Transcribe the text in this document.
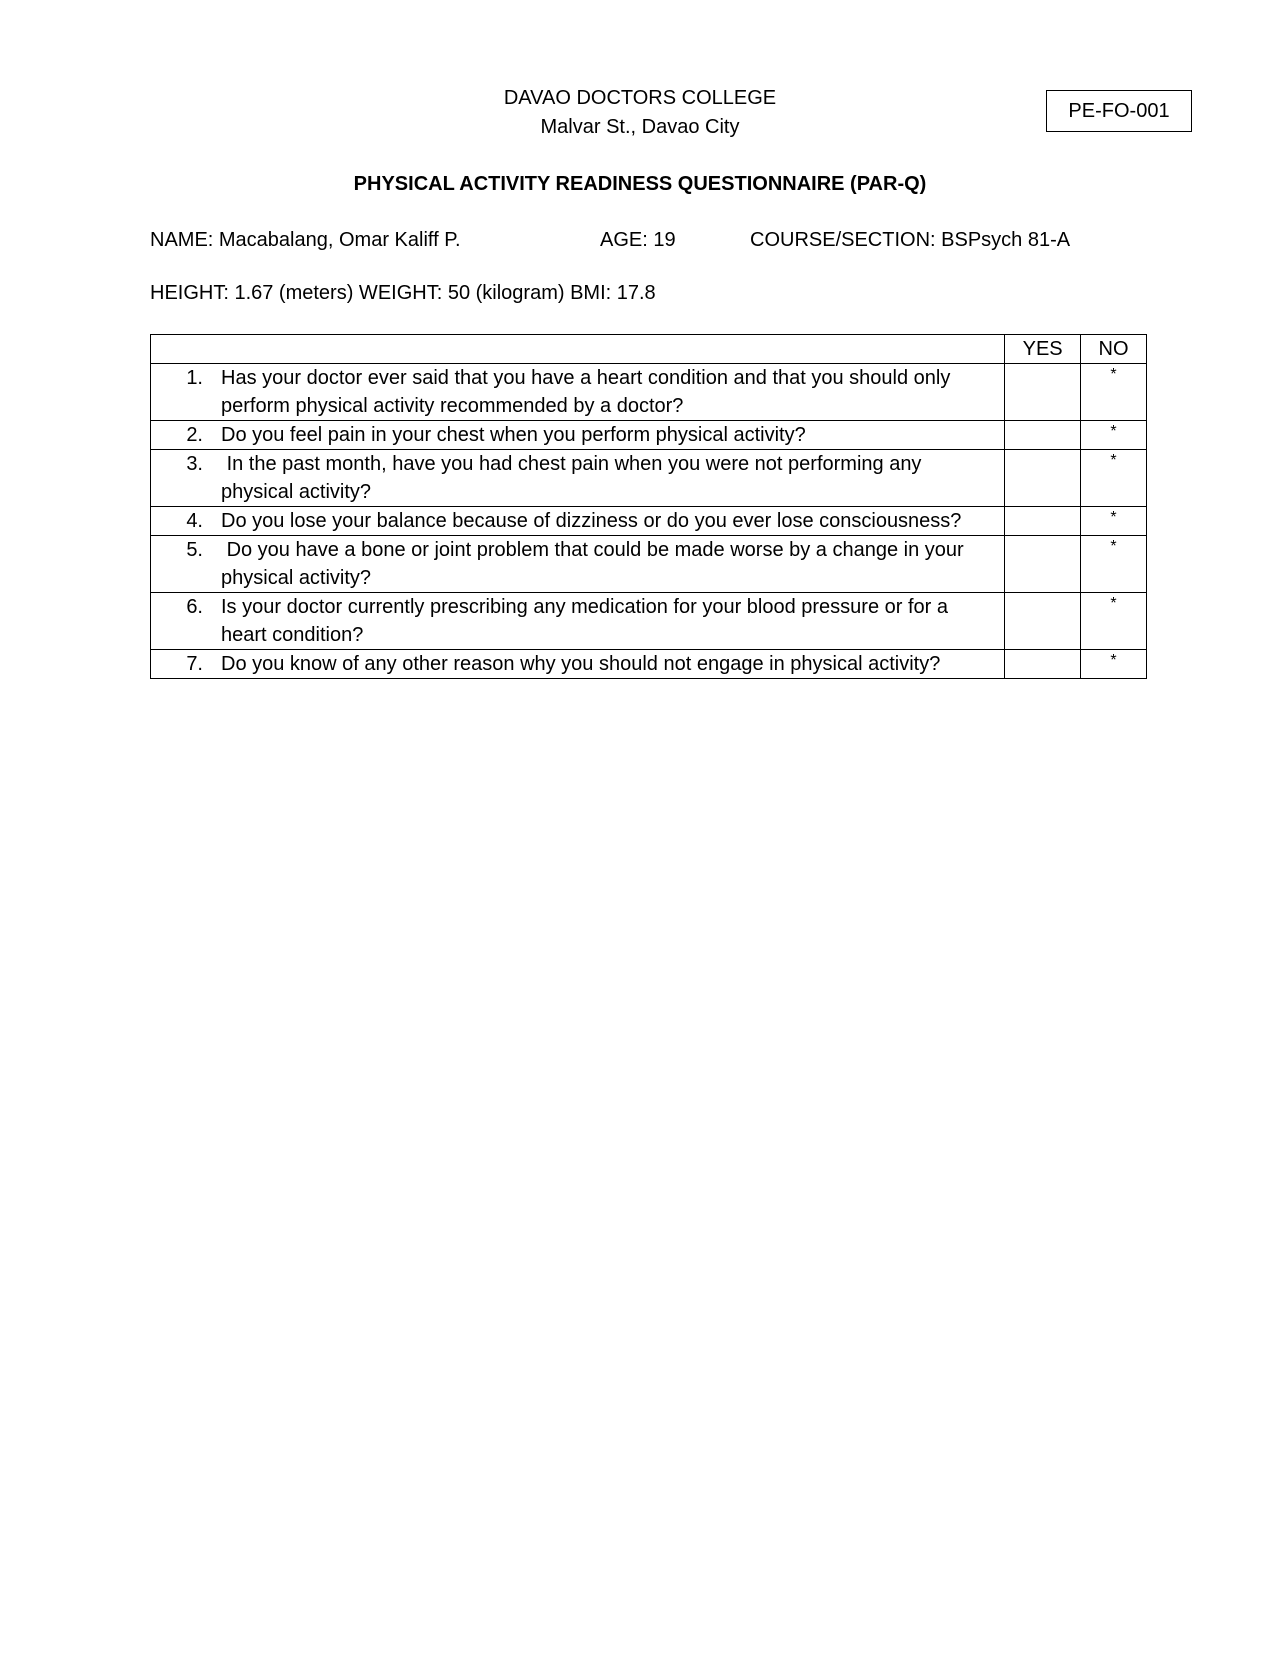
DAVAO DOCTORS COLLEGE
Malvar St., Davao City
PE-FO-001
PHYSICAL ACTIVITY READINESS QUESTIONNAIRE (PAR-Q)
NAME: Macabalang, Omar Kaliff P.	AGE: 19	COURSE/SECTION: BSPsych 81-A
HEIGHT: 1.67 (meters) WEIGHT: 50 (kilogram) BMI: 17.8
	YES	NO

1. Has your doctor ever said that you have a heart condition and that you should only perform physical activity recommended by a doctor?		*

2. Do you feel pain in your chest when you perform physical activity?		*

3. In the past month, have you had chest pain when you were not performing any physical activity?		*

4. Do you lose your balance because of dizziness or do you ever lose consciousness?		*

5. Do you have a bone or joint problem that could be made worse by a change in your physical activity?		*

6. Is your doctor currently prescribing any medication for your blood pressure or for a heart condition?		*

7. Do you know of any other reason why you should not engage in physical activity?		*
